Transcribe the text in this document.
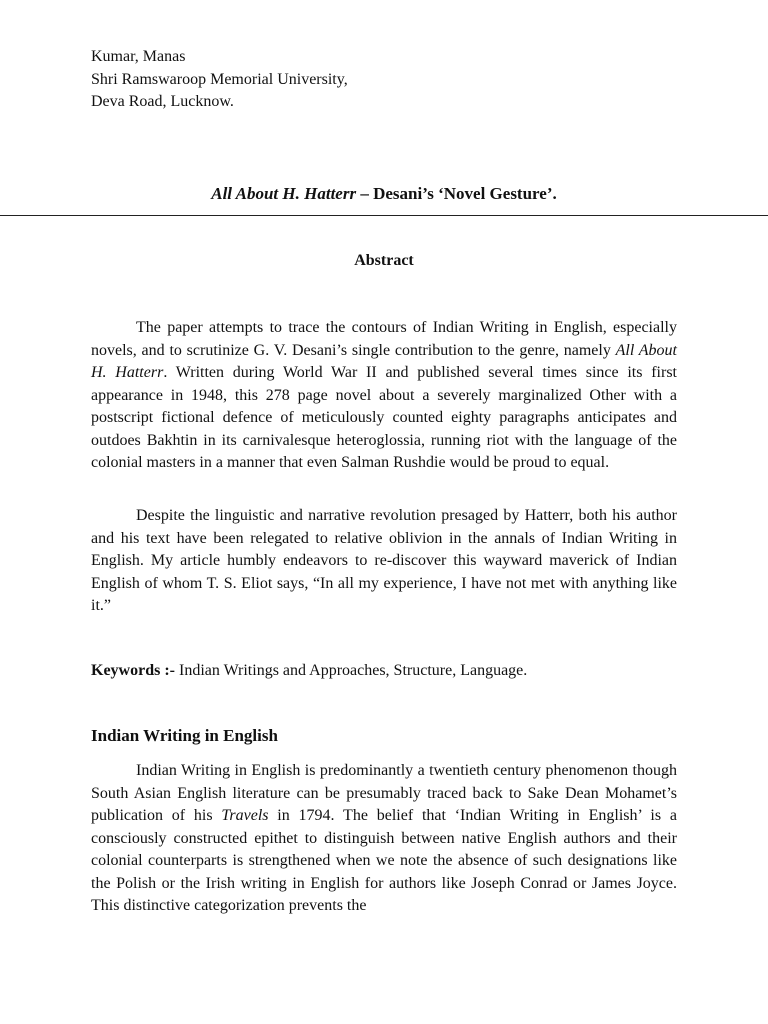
Kumar, Manas
Shri Ramswaroop Memorial University,
Deva Road, Lucknow.
All About H. Hatterr – Desani’s ‘Novel Gesture’.
Abstract

The paper attempts to trace the contours of Indian Writing in English, especially novels, and to scrutinize G. V. Desani’s single contribution to the genre, namely All About H. Hatterr. Written during World War II and published several times since its first appearance in 1948, this 278 page novel about a severely marginalized Other with a postscript fictional defence of meticulously counted eighty paragraphs anticipates and outdoes Bakhtin in its carnivalesque heteroglossia, running riot with the language of the colonial masters in a manner that even Salman Rushdie would be proud to equal.

Despite the linguistic and narrative revolution presaged by Hatterr, both his author and his text have been relegated to relative oblivion in the annals of Indian Writing in English. My article humbly endeavors to re-discover this wayward maverick of Indian English of whom T. S. Eliot says, “In all my experience, I have not met with anything like it.”

Keywords :- Indian Writings and Approaches, Structure, Language.
Indian Writing in English

Indian Writing in English is predominantly a twentieth century phenomenon though South Asian English literature can be presumably traced back to Sake Dean Mohamet’s publication of his Travels in 1794. The belief that ‘Indian Writing in English’ is a consciously constructed epithet to distinguish between native English authors and their colonial counterparts is strengthened when we note the absence of such designations like the Polish or the Irish writing in English for authors like Joseph Conrad or James Joyce. This distinctive categorization prevents the
